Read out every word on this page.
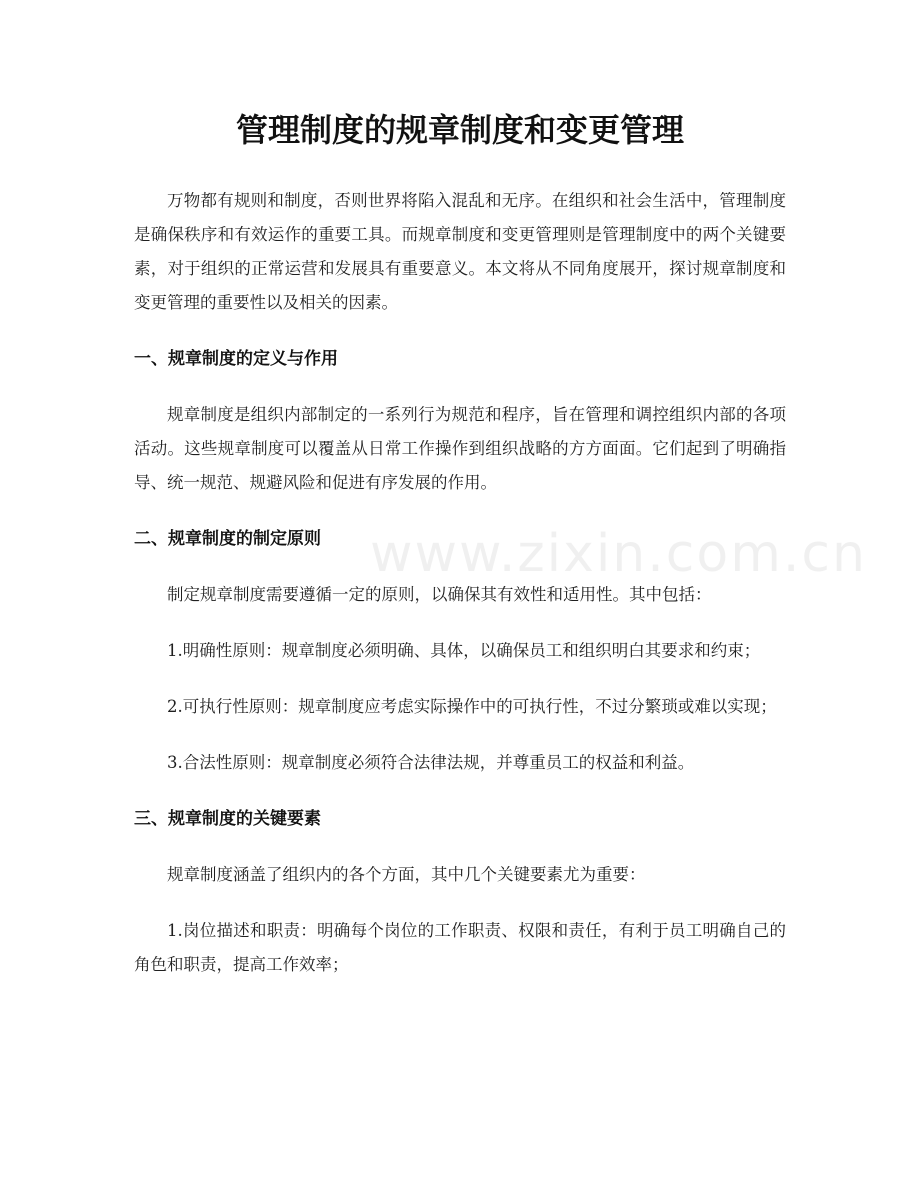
管理制度的规章制度和变更管理
www.zixin.com.cn

万物都有规则和制度，否则世界将陷入混乱和无序。在组织和社会生活中，管理制度是确保秩序和有效运作的重要工具。而规章制度和变更管理则是管理制度中的两个关键要素，对于组织的正常运营和发展具有重要意义。本文将从不同角度展开，探讨规章制度和变更管理的重要性以及相关的因素。

一、规章制度的定义与作用

规章制度是组织内部制定的一系列行为规范和程序，旨在管理和调控组织内部的各项活动。这些规章制度可以覆盖从日常工作操作到组织战略的方方面面。它们起到了明确指导、统一规范、规避风险和促进有序发展的作用。

二、规章制度的制定原则

制定规章制度需要遵循一定的原则，以确保其有效性和适用性。其中包括：

1.明确性原则：规章制度必须明确、具体，以确保员工和组织明白其要求和约束；

2.可执行性原则：规章制度应考虑实际操作中的可执行性，不过分繁琐或难以实现；

3.合法性原则：规章制度必须符合法律法规，并尊重员工的权益和利益。

三、规章制度的关键要素

规章制度涵盖了组织内的各个方面，其中几个关键要素尤为重要：

1.岗位描述和职责：明确每个岗位的工作职责、权限和责任，有利于员工明确自己的角色和职责，提高工作效率；
